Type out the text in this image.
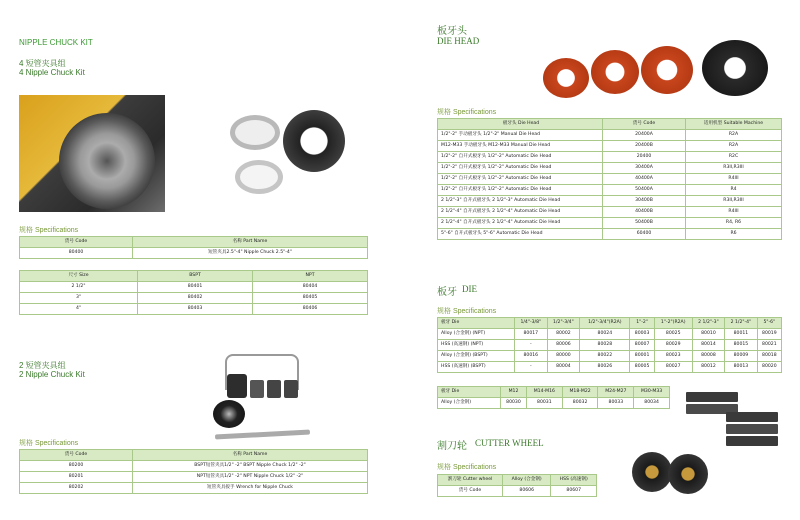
NIPPLE CHUCK KIT
4 短管夹具组
4 Nipple Chuck Kit
规格 Specifications
货号 Code	名称 Part Name
80400	短管夹具2.5"-4" Nipple Chuck 2.5"-4"
尺寸 Size	BSPT	NPT
2 1/2"	80401	80404
3"	80402	80405
4"	80403	80406
2 短管夹具组
2 Nipple Chuck Kit
规格 Specifications
货号 Code	名称 Part Name
80200	BSPT短管夹具1/2" -2" BSPT Nipple Chuck 1/2" -2"
80201	NPT短管夹具1/2" -2" NPT Nipple Chuck 1/2" -2"
80202	短管夹具扳手 Wrench for Nipple Chuck
板牙头
DIE HEAD
规格 Specifications
板牙头 Die Head	货号 Code	适用机型 Suitable Machine
1/2"-2" 手动板牙头 1/2"-2" Manual Die Head	20400A	R2A
M12-M33 手动板牙头 M12-M33 Manual Die Head	20400B	R2A
1/2"-2" 自开式板牙头 1/2"-2" Automatic Die Head	20400	R2C
1/2"-2" 自开式板牙头 1/2"-2" Automatic Die Head	30400A	R3II,R3III
1/2"-2" 自开式板牙头 1/2"-2" Automatic Die Head	40400A	R4III
1/2"-2" 自开式板牙头 1/2"-2" Automatic Die Head	50400A	R4
2 1/2"-3" 自开式板牙头 2 1/2"-3" Automatic Die Head	30400B	R3II,R3III
2 1/2"-4" 自开式板牙头 2 1/2"-4" Automatic Die Head	40400B	R4III
2 1/2"-4" 自开式板牙头 2 1/2"-4" Automatic Die Head	50400B	R4, R6
5"-6" 自开式板牙头 5"-6" Automatic Die Head	60400	R6
板牙 DIE
规格 Specifications
板牙 Die	1/4"-3/8"	1/2"-3/4"	1/2"-3/4"(R2A)	1"-2"	1"-2"(R2A)	2 1/2"-3"	2 1/2"-4"	5"-6"
Alloy (合金钢) (NPT)	80017	80002	80024	80003	80025	80010	80011	80019
HSS (高速钢) (NPT)	-	80006	80028	80007	80029	80014	80015	80021
Alloy (合金钢) (BSPT)	80016	80000	80022	80001	80023	80008	80009	80018
HSS (高速钢) (BSPT)	-	80004	80026	80005	80027	80012	80013	80020
板牙 Die	M12	M14-M16	M18-M22	M24-M27	M30-M33
Alloy (合金钢)	80030	80031	80032	80033	80034
割刀轮 CUTTER WHEEL
规格 Specifications
割刀轮 Cutter wheel	Alloy (合金钢)	HSS (高速钢)
货号 Code	80606	80607
